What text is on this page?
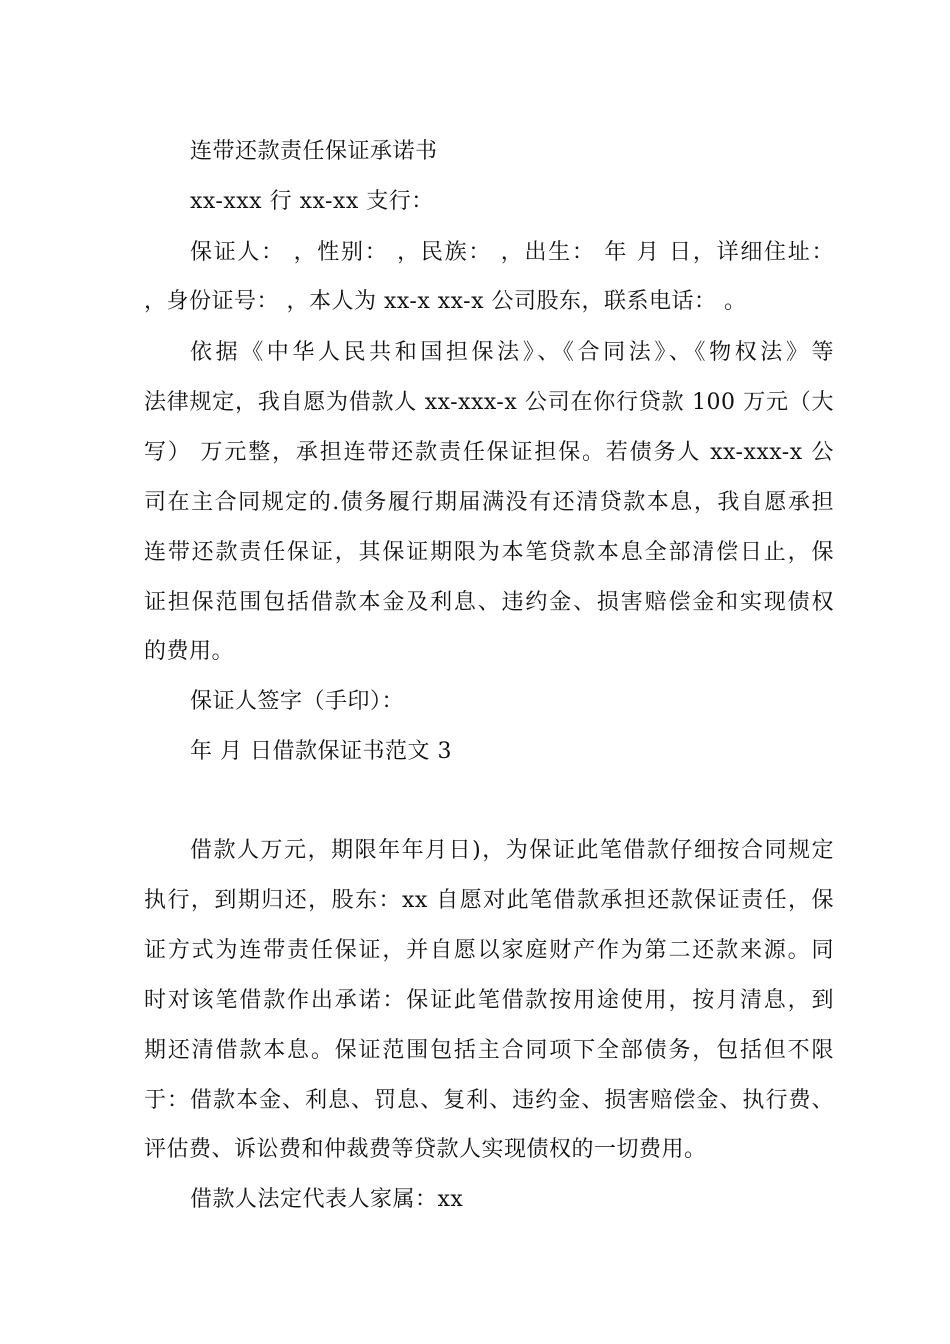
连带还款责任保证承诺书
xx-xxx 行 xx-xx 支行：
保证人： ，性别： ，民族： ，出生： 年 月 日，详细住址：
，身份证号： ，本人为 xx-x xx-x 公司股东，联系电话： 。
依据《中华人民共和国担保法》、《合同法》、《物权法》等
法律规定，我自愿为借款人 xx-xxx-x 公司在你行贷款 100 万元（大
写） 万元整，承担连带还款责任保证担保。若债务人 xx-xxx-x 公
司在主合同规定的.债务履行期届满没有还清贷款本息，我自愿承担
连带还款责任保证，其保证期限为本笔贷款本息全部清偿日止，保
证担保范围包括借款本金及利息、违约金、损害赔偿金和实现债权
的费用。
保证人签字（手印）：
年 月 日借款保证书范文 3
借款人万元，期限年年月日)，为保证此笔借款仔细按合同规定
执行，到期归还，股东：xx 自愿对此笔借款承担还款保证责任，保
证方式为连带责任保证，并自愿以家庭财产作为第二还款来源。同
时对该笔借款作出承诺：保证此笔借款按用途使用，按月清息，到
期还清借款本息。保证范围包括主合同项下全部债务，包括但不限
于：借款本金、利息、罚息、复利、违约金、损害赔偿金、执行费、
评估费、诉讼费和仲裁费等贷款人实现债权的一切费用。
借款人法定代表人家属：xx
